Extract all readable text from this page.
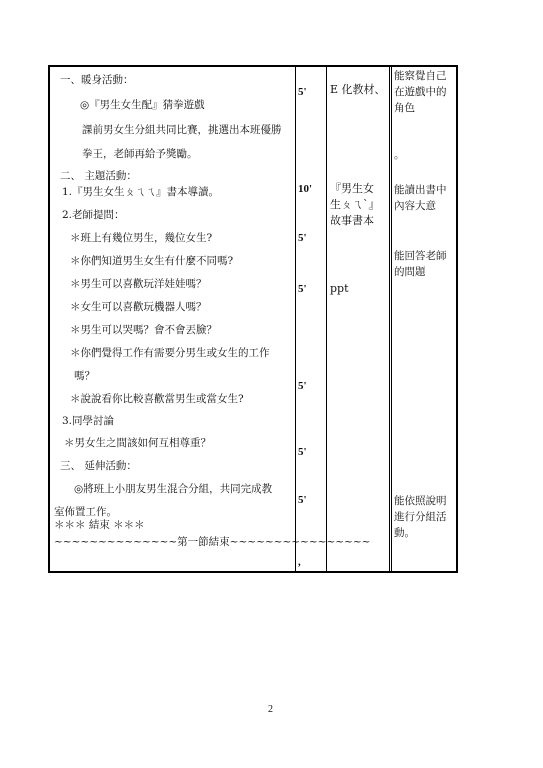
一、暖身活動：
◎『男生女生配』猜拳遊戲
課前男女生分組共同比賽，挑選出本班優勝
拳王，老師再給予獎勵。
二、 主題活動：
1.『男生女生ㄆㄟㄟ』書本導讀。
2.老師提問：
＊班上有幾位男生，幾位女生?
＊你們知道男生女生有什麼不同嗎?
＊男生可以喜歡玩洋娃娃嗎？
＊女生可以喜歡玩機器人嗎？
＊男生可以哭嗎？會不會丟臉？
＊你們覺得工作有需要分男生或女生的工作
嗎？
＊說說看你比較喜歡當男生或當女生?
3.同學討論
＊男女生之間該如何互相尊重？
三、 延伸活動：
◎將班上小朋友男生混合分組，共同完成教
室佈置工作。
＊＊＊ 結束 ＊＊＊
~~~~~~~~~~~~~~第一節結束~~~~~~~~~~~~~~~~
5'
10'
5'
5'
5'
5'
5'
,
E 化教材、
『男生女
生ㄆㄟˋ』
故事書本
ppt
能察覺自己
在遊戲中的
角色
。
能讀出書中
內容大意
能回答老師
的問題
能依照說明
進行分組活
動。
2
